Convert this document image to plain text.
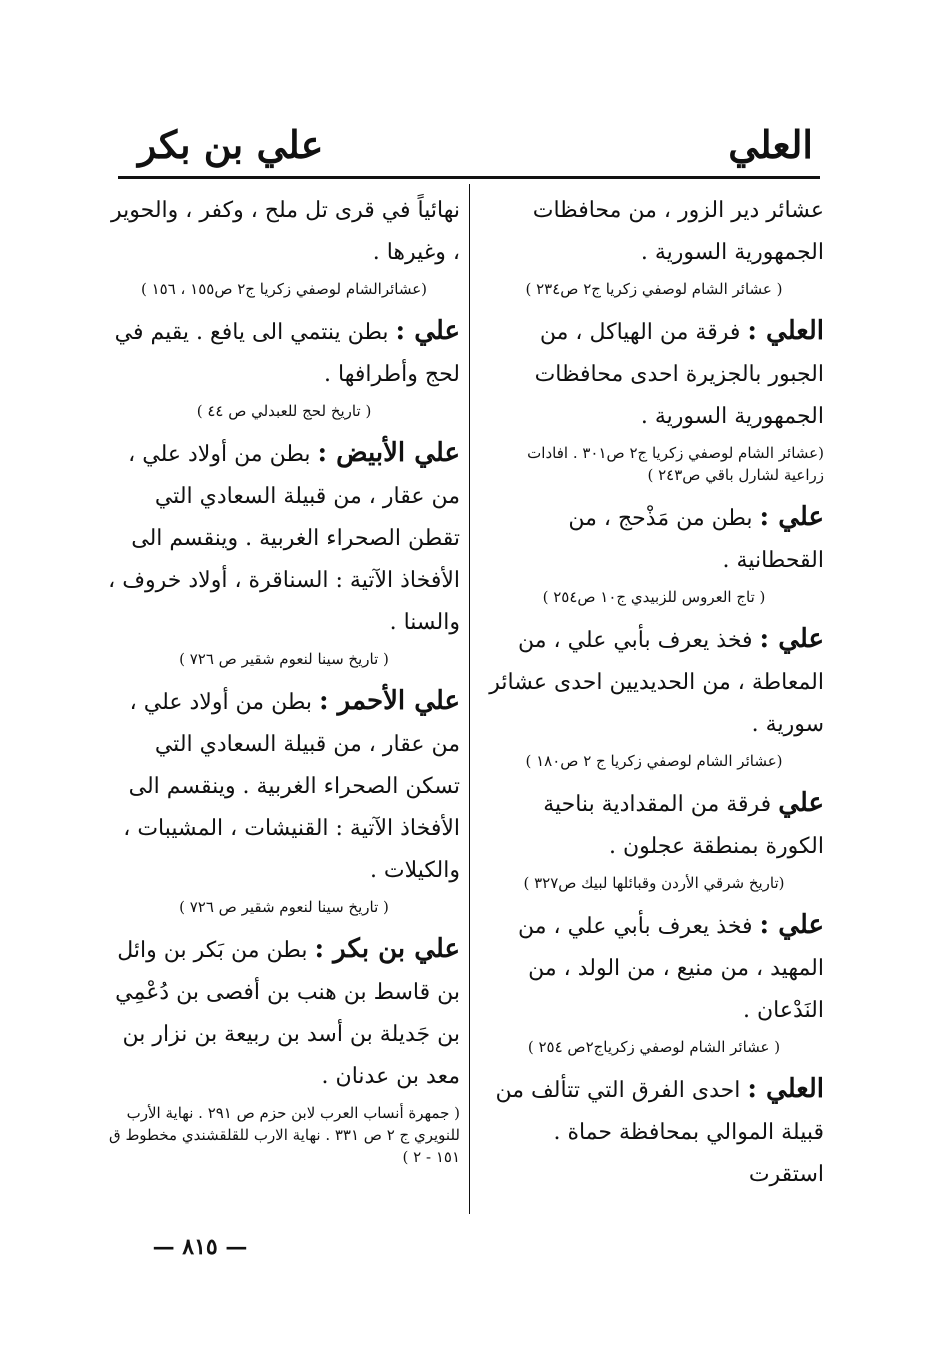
العلي
علي بن بكر

عشائر دير الزور ، من محافظات الجمهورية السورية .

( عشائر الشام لوصفي زكريا ج٢ ص٢٣٤ )

العلي : فرقة من الهياكل ، من الجبور بالجزيرة احدى محافظات الجمهورية السورية .

(عشائر الشام لوصفي زكريا ج٢ ص٣٠١ . افادات زراعية لشارل باقي ص٢٤٣ )

علي : بطن من مَذْحج ، من القحطانية .

( تاج العروس للزبيدي ج١٠ ص٢٥٤ )

علي : فخذ يعرف بأبي علي ، من المعاطة ، من الحديديين احدى عشائر سورية .

(عشائر الشام لوصفي زكريا ج ٢ ص١٨٠ )

علي فرقة من المقدادية بناحية الكورة بمنطقة عجلون .

(تاريخ شرقي الأردن وقبائلها لبيك ص٣٢٧ )

علي : فخذ يعرف بأبي علي ، من المهيد ، من منيع ، من الولد ، من النَدْعان .

( عشائر الشام لوصفي زكرياج٢ص ٢٥٤ )

العلي : احدى الفرق التي تتألف من قبيلة الموالي بمحافظة حماة . استقرت

نهائياً في قرى تل ملح ، وكفر ، والحوير ، وغيرها .

(عشائرالشام لوصفي زكريا ج٢ ص١٥٥ ، ١٥٦ )

علي : بطن ينتمي الى يافع . يقيم في لحج وأطرافها .

( تاريخ لحج للعبدلي ص ٤٤ )

علي الأبيض : بطن من أولاد علي ، من عقار ، من قبيلة السعادي التي تقطن الصحراء الغربية . وينقسم الى الأفخاذ الآتية : السناقرة ، أولاد خروف ، والسنا .

( تاريخ سينا لنعوم شقير ص ٧٢٦ )

علي الأحمر : بطن من أولاد علي ، من عقار ، من قبيلة السعادي التي تسكن الصحراء الغربية . وينقسم الى الأفخاذ الآتية : القنيشات ، المشيبات ، والكيلات .

( تاريخ سينا لنعوم شقير ص ٧٢٦ )

علي بن بكر : بطن من بَكر بن وائل بن قاسط بن هنب بن أفصى بن دُعْمِي بن جَديلة بن أسد بن ربيعة بن نزار بن معد بن عدنان .

( جمهرة أنساب العرب لابن حزم ص ٢٩١ . نهاية الأرب للنويري ج ٢ ص ٣٣١ . نهاية الارب للقلقشندي مخطوط ق ١٥١ - ٢ )

— ٨١٥ —
